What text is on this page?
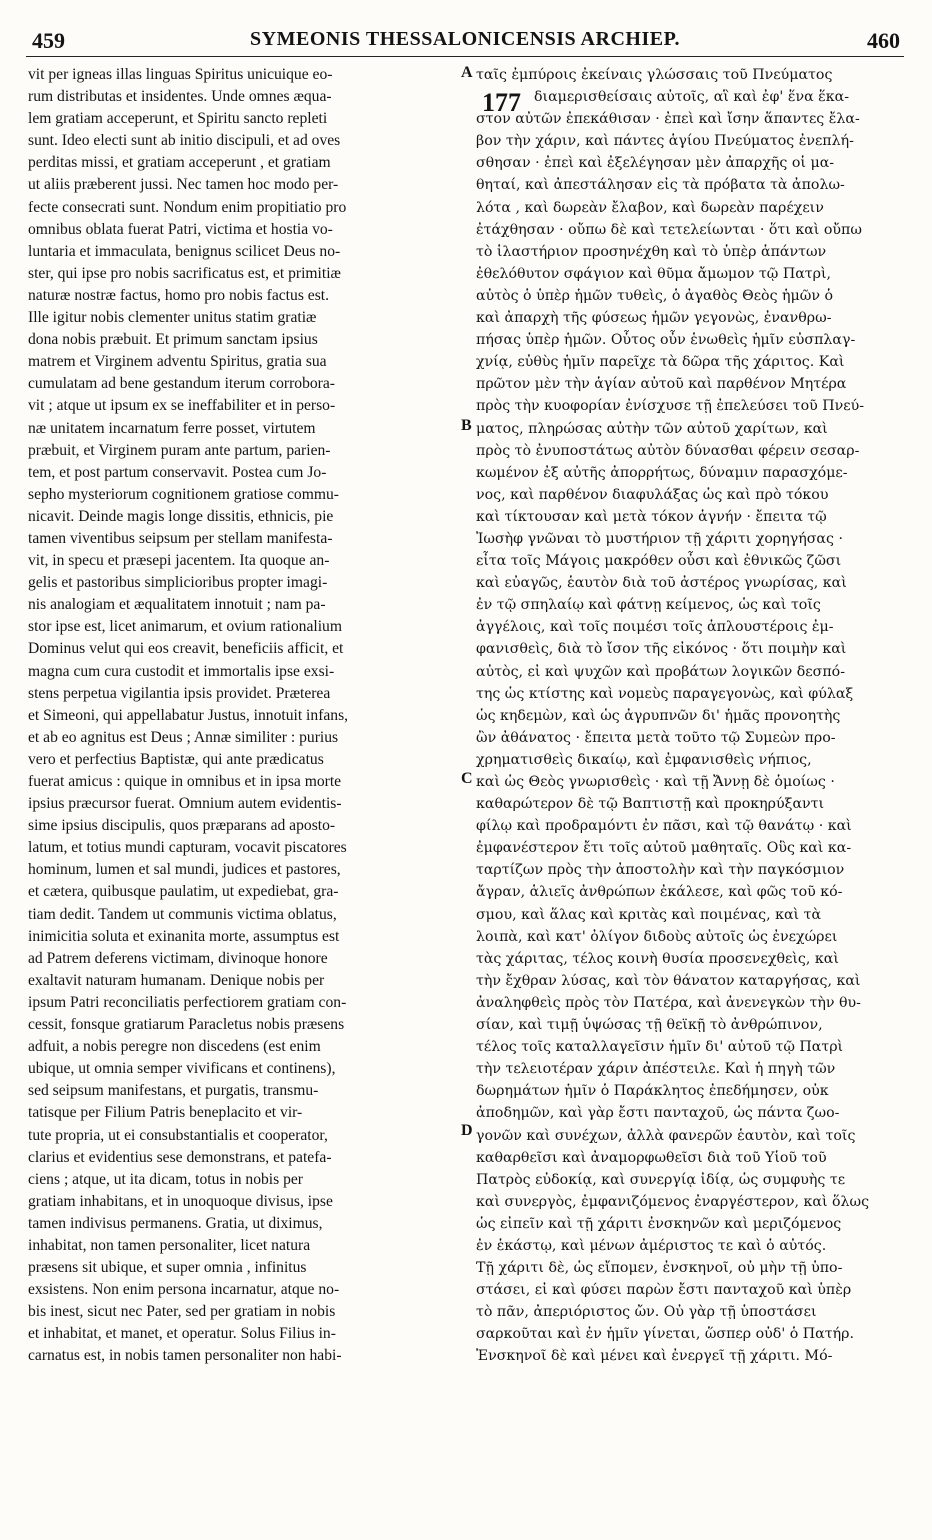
459	SYMEONIS THESSALONICENSIS ARCHIEP.	460
vit per igneas illas linguas Spiritus unicuique eo-
rum distributas et insidentes. Unde omnes æqua-
lem gratiam acceperunt, et Spiritu sancto repleti
sunt. Ideo electi sunt ab initio discipuli, et ad oves
perditas missi, et gratiam acceperunt , et gratiam
ut aliis præberent jussi. Nec tamen hoc modo per-
fecte consecrati sunt. Nondum enim propitiatio pro
omnibus oblata fuerat Patri, victima et hostia vo-
luntaria et immaculata, benignus scilicet Deus no-
ster, qui ipse pro nobis sacrificatus est, et primitiæ
naturæ nostræ factus, homo pro nobis factus est.
Ille igitur nobis clementer unitus statim gratiæ
dona nobis præbuit. Et primum sanctam ipsius
matrem et Virginem adventu Spiritus, gratia sua
cumulatam ad bene gestandum iterum corrobora-
vit ; atque ut ipsum ex se ineffabiliter et in perso-
næ unitatem incarnatum ferre posset, virtutem
præbuit, et Virginem puram ante partum, parien-
tem, et post partum conservavit. Postea cum Jo-
sepho mysteriorum cognitionem gratiose commu-
nicavit. Deinde magis longe dissitis, ethnicis, pie
tamen viventibus seipsum per stellam manifesta-
vit, in specu et præsepi jacentem. Ita quoque an-
gelis et pastoribus simplicioribus propter imagi-
nis analogiam et æqualitatem innotuit ; nam pa-
stor ipse est, licet animarum, et ovium rationalium
Dominus velut qui eos creavit, beneficiis afficit, et
magna cum cura custodit et immortalis ipse exsi-
stens perpetua vigilantia ipsis providet. Præterea
et Simeoni, qui appellabatur Justus, innotuit infans,
et ab eo agnitus est Deus ; Annæ similiter : purius
vero et perfectius Baptistæ, qui ante prædicatus
fuerat amicus : quique in omnibus et in ipsa morte
ipsius præcursor fuerat. Omnium autem evidentis-
sime ipsius discipulis, quos præparans ad aposto-
latum, et totius mundi capturam, vocavit piscatores
hominum, lumen et sal mundi, judices et pastores,
et cætera, quibusque paulatim, ut expediebat, gra-
tiam dedit. Tandem ut communis victima oblatus,
inimicitia soluta et exinanita morte, assumptus est
ad Patrem deferens victimam, divinoque honore
exaltavit naturam humanam. Denique nobis per
ipsum Patri reconciliatis perfectiorem gratiam con-
cessit, fonsque gratiarum Paracletus nobis præsens
adfuit, a nobis peregre non discedens (est enim
ubique, ut omnia semper vivificans et continens),
sed seipsum manifestans, et purgatis, transmu-
tatisque per Filium Patris beneplacito et vir-
tute propria, ut ei consubstantialis et cooperator,
clarius et evidentius sese demonstrans, et patefa-
ciens ; atque, ut ita dicam, totus in nobis per
gratiam inhabitans, et in unoquoque divisus, ipse
tamen indivisus permanens. Gratia, ut diximus,
inhabitat, non tamen personaliter, licet natura
præsens sit ubique, et super omnia , infinitus
exsistens. Non enim persona incarnatur, atque no-
bis inest, sicut nec Pater, sed per gratiam in nobis
et inhabitat, et manet, et operatur. Solus Filius in-
carnatus est, in nobis tamen personaliter non habi-
ταῖς ἐμπύροις ἐκείναις γλώσσαις τοῦ Πνεύματος
διαμερισθείσαις αὐτοῖς, αἳ καὶ ἐφ' ἕνα ἕκα-
στον αὐτῶν ἐπεκάθισαν · ἐπεὶ καὶ ἴσην ἅπαντες ἔλα-
βον τὴν χάριν, καὶ πάντες ἁγίου Πνεύματος ἐνεπλή-
σθησαν · ἐπεὶ καὶ ἐξελέγησαν μὲν ἀπαρχῆς οἱ μα-
θηταί, καὶ ἀπεστάλησαν εἰς τὰ πρόβατα τὰ ἀπολω-
λότα , καὶ δωρεὰν ἔλαβον, καὶ δωρεὰν παρέχειν
ἐτάχθησαν · οὔπω δὲ καὶ τετελείωνται · ὅτι καὶ οὔπω
τὸ ἱλαστήριον προσηνέχθη καὶ τὸ ὑπὲρ ἁπάντων
ἐθελόθυτον σφάγιον καὶ θῦμα ἄμωμον τῷ Πατρὶ,
αὐτὸς ὁ ὑπὲρ ἡμῶν τυθεὶς, ὁ ἀγαθὸς Θεὸς ἡμῶν ὁ
καὶ ἀπαρχὴ τῆς φύσεως ἡμῶν γεγονὼς, ἐνανθρω-
πήσας ὑπὲρ ἡμῶν. Οὗτος οὖν ἑνωθεὶς ἡμῖν εὐσπλαγ-
χνίᾳ, εὐθὺς ἡμῖν παρεῖχε τὰ δῶρα τῆς χάριτος. Καὶ
πρῶτον μὲν τὴν ἁγίαν αὐτοῦ καὶ παρθένον Μητέρα
πρὸς τὴν κυοφορίαν ἐνίσχυσε τῇ ἐπελεύσει τοῦ Πνεύ-
ματος, πληρώσας αὐτὴν τῶν αὐτοῦ χαρίτων, καὶ
πρὸς τὸ ἐνυποστάτως αὐτὸν δύνασθαι φέρειν σεσαρ-
κωμένον ἐξ αὐτῆς ἀπορρήτως, δύναμιν παρασχόμε-
νος, καὶ παρθένον διαφυλάξας ὡς καὶ πρὸ τόκου
καὶ τίκτουσαν καὶ μετὰ τόκον ἁγνήν · ἔπειτα τῷ
Ἰωσὴφ γνῶναι τὸ μυστήριον τῇ χάριτι χορηγήσας ·
εἶτα τοῖς Μάγοις μακρόθεν οὖσι καὶ ἐθνικῶς ζῶσι
καὶ εὐαγῶς, ἑαυτὸν διὰ τοῦ ἀστέρος γνωρίσας, καὶ
ἐν τῷ σπηλαίῳ καὶ φάτνῃ κείμενος, ὡς καὶ τοῖς
ἀγγέλοις, καὶ τοῖς ποιμέσι τοῖς ἁπλουστέροις ἐμ-
φανισθεὶς, διὰ τὸ ἴσον τῆς εἰκόνος · ὅτι ποιμὴν καὶ
αὐτὸς, εἰ καὶ ψυχῶν καὶ προβάτων λογικῶν δεσπό-
της ὡς κτίστης καὶ νομεὺς παραγεγονὼς, καὶ φύλαξ
ὡς κηδεμὼν, καὶ ὡς ἀγρυπνῶν δι' ἡμᾶς προνοητὴς
ὢν ἀθάνατος · ἔπειτα μετὰ τοῦτο τῷ Συμεὼν προ-
χρηματισθεὶς δικαίῳ, καὶ ἐμφανισθεὶς νήπιος,
καὶ ὡς Θεὸς γνωρισθεὶς · καὶ τῇ Ἄννῃ δὲ ὁμοίως ·
καθαρώτερον δὲ τῷ Βαπτιστῇ καὶ προκηρύξαντι
φίλῳ καὶ προδραμόντι ἐν πᾶσι, καὶ τῷ θανάτῳ · καὶ
ἐμφανέστερον ἔτι τοῖς αὐτοῦ μαθηταῖς. Οὓς καὶ κα-
ταρτίζων πρὸς τὴν ἀποστολὴν καὶ τὴν παγκόσμιον
ἄγραν, ἁλιεῖς ἀνθρώπων ἐκάλεσε, καὶ φῶς τοῦ κό-
σμου, καὶ ἅλας καὶ κριτὰς καὶ ποιμένας, καὶ τὰ
λοιπὰ, καὶ κατ' ὀλίγον διδοὺς αὐτοῖς ὡς ἐνεχώρει
τὰς χάριτας, τέλος κοινὴ θυσία προσενεχθεὶς, καὶ
τὴν ἔχθραν λύσας, καὶ τὸν θάνατον καταργήσας, καὶ
ἀναληφθεὶς πρὸς τὸν Πατέρα, καὶ ἀνενεγκὼν τὴν θυ-
σίαν, καὶ τιμῇ ὑψώσας τῇ θεϊκῇ τὸ ἀνθρώπινον,
τέλος τοῖς καταλλαγεῖσιν ἡμῖν δι' αὐτοῦ τῷ Πατρὶ
τὴν τελειοτέραν χάριν ἀπέστειλε. Καὶ ἡ πηγὴ τῶν
δωρημάτων ἡμῖν ὁ Παράκλητος ἐπεδήμησεν, οὐκ
ἀποδημῶν, καὶ γὰρ ἔστι πανταχοῦ, ὡς πάντα ζωο-
γονῶν καὶ συνέχων, ἀλλὰ φανερῶν ἑαυτὸν, καὶ τοῖς
καθαρθεῖσι καὶ ἀναμορφωθεῖσι διὰ τοῦ Υἱοῦ τοῦ
Πατρὸς εὐδοκίᾳ, καὶ συνεργίᾳ ἰδίᾳ, ὡς συμφυὴς τε
καὶ συνεργὸς, ἐμφανιζόμενος ἐναργέστερον, καὶ ὅλως
ὡς εἰπεῖν καὶ τῇ χάριτι ἐνσκηνῶν καὶ μεριζόμενος
ἐν ἑκάστῳ, καὶ μένων ἀμέριστος τε καὶ ὁ αὐτός.
Τῇ χάριτι δὲ, ὡς εἴπομεν, ἐνσκηνοῖ, οὐ μὴν τῇ ὑπο-
στάσει, εἰ καὶ φύσει παρὼν ἔστι πανταχοῦ καὶ ὑπὲρ
τὸ πᾶν, ἀπεριόριστος ὤν. Οὐ γὰρ τῇ ὑποστάσει
σαρκοῦται καὶ ἐν ἡμῖν γίνεται, ὥσπερ οὐδ' ὁ Πατήρ.
Ἐνσκηνοῖ δὲ καὶ μένει καὶ ἐνεργεῖ τῇ χάριτι. Μό-
A
B
C
D
177
